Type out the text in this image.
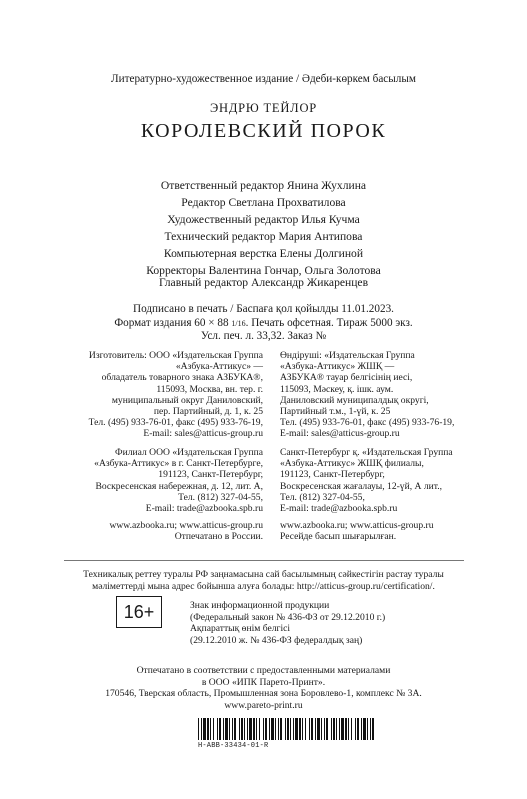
Литературно-художественное издание / Әдеби-көркем басылым
ЭНДРЮ ТЕЙЛОР
КОРОЛЕВСКИЙ ПОРОК
Ответственный редактор Янина Жухлина
Редактор Светлана Прохватилова
Художественный редактор Илья Кучма
Технический редактор Мария Антипова
Компьютерная верстка Елены Долгиной
Корректоры Валентина Гончар, Ольга Золотова
Главный редактор Александр Жикаренцев
Подписано в печать / Баспаға қол қойылды 11.01.2023.
Формат издания 60 × 88 1/16. Печать офсетная. Тираж 5000 экз.
Усл. печ. л. 33,32. Заказ №
Изготовитель: ООО «Издательская Группа
«Азбука-Аттикус» —
обладатель товарного знака АЗБУКА®,
115093, Москва, вн. тер. г.
муниципальный округ Даниловский,
пер. Партийный, д. 1, к. 25
Тел. (495) 933-76-01, факс (495) 933-76-19,
E-mail: sales@atticus-group.ru
Өндіруші: «Издательская Группа
«Азбука-Аттикус» ЖШҚ —
АЗБУКА® тауар белгісінің иесі,
115093, Мәскеу, қ. ішк. аум.
Даниловский муниципалдық округі,
Партийный т.м., 1-үй, к. 25
Тел. (495) 933-76-01, факс (495) 933-76-19,
E-mail: sales@atticus-group.ru
Филиал ООО «Издательская Группа
«Азбука-Аттикус» в г. Санкт-Петербурге,
191123, Санкт-Петербург,
Воскресенская набережная, д. 12, лит. А,
Тел. (812) 327-04-55,
E-mail: trade@azbooka.spb.ru
Санкт-Петербург қ. «Издательская Группа
«Азбука-Аттикус» ЖШҚ филиалы,
191123, Санкт-Петербург,
Воскресенская жағалауы, 12-үй, А лит.,
Тел. (812) 327-04-55,
E-mail: trade@azbooka.spb.ru
www.azbooka.ru; www.atticus-group.ru
Отпечатано в России.
www.azbooka.ru; www.atticus-group.ru
Ресейде басып шығарылған.
Техникалық реттеу туралы РФ заңнамасына сай басылымның сәйкестігін растау туралы
мәліметтерді мына адрес бойынша алуға болады: http://atticus-group.ru/certification/.
16+	Знак информационной продукции
(Федеральный закон № 436-ФЗ от 29.12.2010 г.)
Ақпараттық өнім белгісі
(29.12.2010 ж. № 436-ФЗ федералдық заң)
Отпечатано в соответствии с предоставленными материалами
в ООО «ИПК Парето-Принт».
170546, Тверская область, Промышленная зона Боровлево-1, комплекс № 3А.
www.pareto-print.ru
Н-АВВ-33434-01-R
